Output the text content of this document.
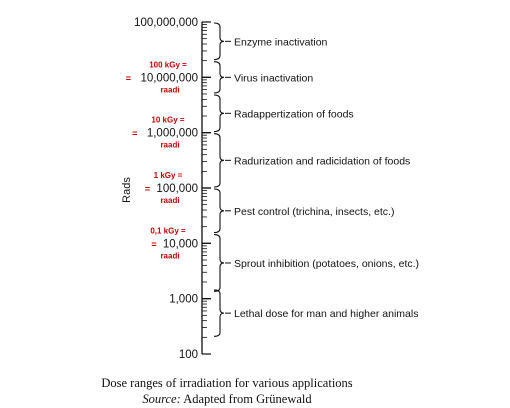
100,000,000
10,000,000
1,000,000
100,000
10,000
1,000
100
100 kGy =
=
raadi
10 kGy =
=
raadi
1 kGy =
=
raadi
0,1 kGy =
=
raadi
Enzyme inactivation
Virus inactivation
Radappertization of foods
Radurization and radicidation of foods
Pest control (trichina, insects, etc.)
Sprout inhibition (potatoes, onions, etc.)
Lethal dose for man and higher animals
Rads
Dose ranges of irradiation for various applications
Source: Adapted from Grünewald
